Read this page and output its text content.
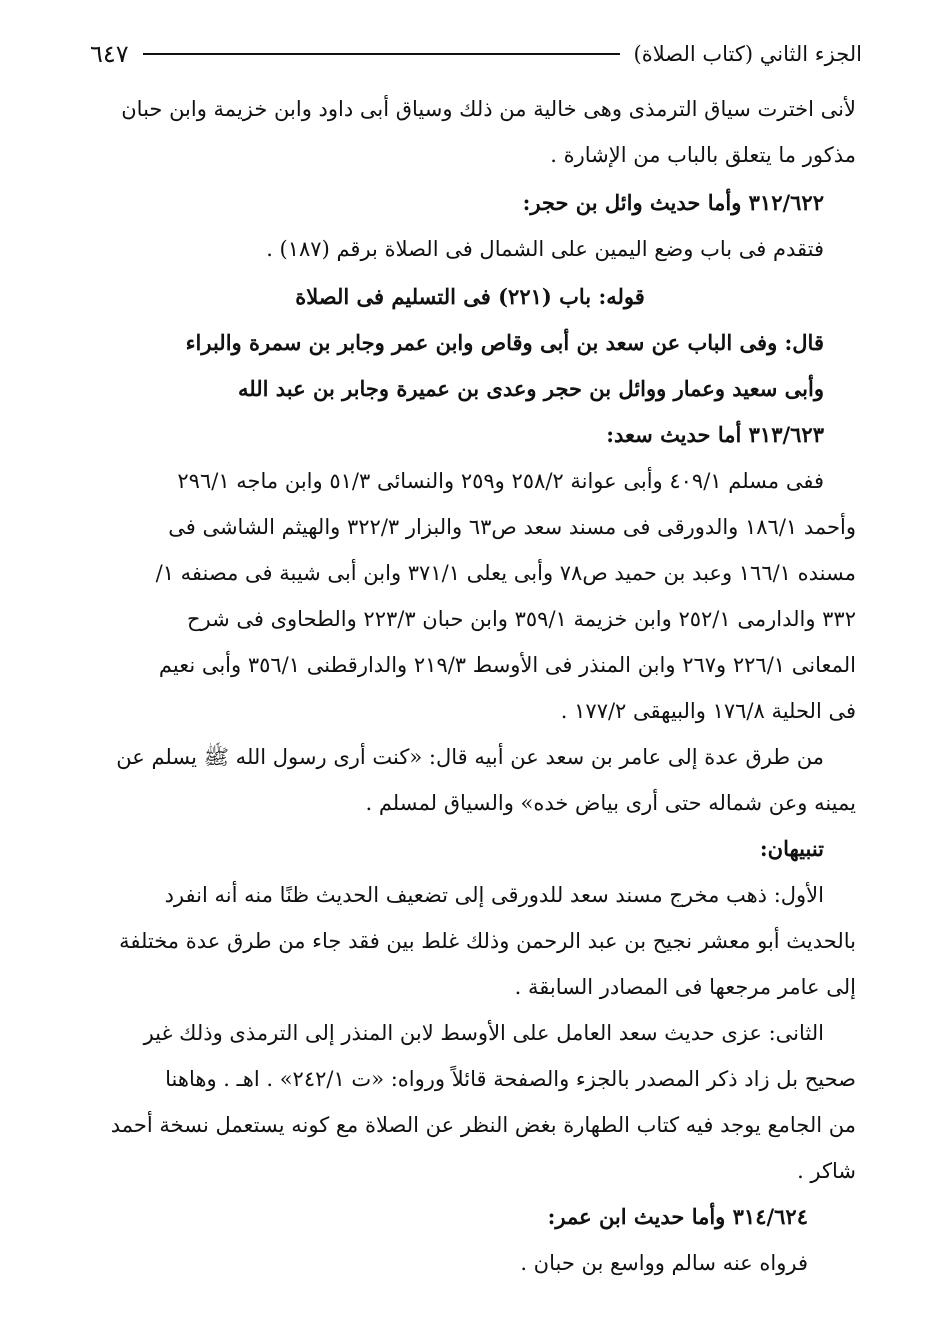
الجزء الثاني (كتاب الصلاة)
٦٤٧
لأنى اخترت سياق الترمذى وهى خالية من ذلك وسياق أبى داود وابن خزيمة وابن حبان
مذكور ما يتعلق بالباب من الإشارة .
٣١٢/٦٢٢ وأما حديث وائل بن حجر:
فتقدم فى باب وضع اليمين على الشمال فى الصلاة برقم (١٨٧) .
قوله: باب (٢٢١) فى التسليم فى الصلاة
قال: وفى الباب عن سعد بن أبى وقاص وابن عمر وجابر بن سمرة والبراء
وأبى سعيد وعمار ووائل بن حجر وعدى بن عميرة وجابر بن عبد الله
٣١٣/٦٢٣ أما حديث سعد:
ففى مسلم ٤٠٩/١ وأبى عوانة ٢٥٨/٢ و٢٥٩ والنسائى ٥١/٣ وابن ماجه ٢٩٦/١
وأحمد ١٨٦/١ والدورقى فى مسند سعد ص٦٣ والبزار ٣٢٢/٣ والهيثم الشاشى فى
مسنده ١٦٦/١ وعبد بن حميد ص٧٨ وأبى يعلى ٣٧١/١ وابن أبى شيبة فى مصنفه ١/
٣٣٢ والدارمى ٢٥٢/١ وابن خزيمة ٣٥٩/١ وابن حبان ٢٢٣/٣ والطحاوى فى شرح
المعانى ٢٢٦/١ و٢٦٧ وابن المنذر فى الأوسط ٢١٩/٣ والدارقطنى ٣٥٦/١ وأبى نعيم
فى الحلية ١٧٦/٨ والبيهقى ١٧٧/٢ .
من طرق عدة إلى عامر بن سعد عن أبيه قال: «كنت أرى رسول الله ﷺ يسلم عن
يمينه وعن شماله حتى أرى بياض خده» والسياق لمسلم .
تنبيهان:
الأول: ذهب مخرج مسند سعد للدورقى إلى تضعيف الحديث ظنًا منه أنه انفرد
بالحديث أبو معشر نجيح بن عبد الرحمن وذلك غلط بين فقد جاء من طرق عدة مختلفة
إلى عامر مرجعها فى المصادر السابقة .
الثانى: عزى حديث سعد العامل على الأوسط لابن المنذر إلى الترمذى وذلك غير
صحيح بل زاد ذكر المصدر بالجزء والصفحة قائلاً ورواه: «ت ٢٤٢/١» . اهـ . وهاهنا
من الجامع يوجد فيه كتاب الطهارة بغض النظر عن الصلاة مع كونه يستعمل نسخة أحمد
شاكر .
٣١٤/٦٢٤ وأما حديث ابن عمر:
فرواه عنه سالم وواسع بن حبان .
